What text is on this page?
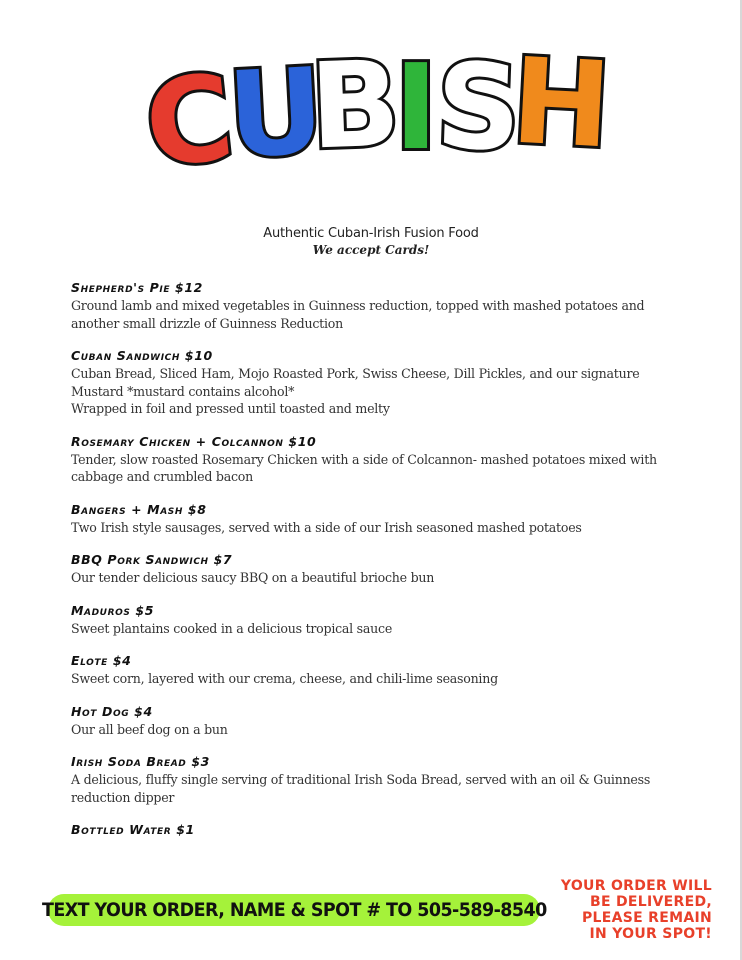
C
U
B
I
S
H
Authentic Cuban-Irish Fusion Food
We accept Cards!
Shepherd's Pie $12
Ground lamb and mixed vegetables in Guinness reduction, topped with mashed potatoes and
another small drizzle of Guinness Reduction
Cuban Sandwich $10
Cuban Bread, Sliced Ham, Mojo Roasted Pork, Swiss Cheese, Dill Pickles, and our signature
Mustard *mustard contains alcohol*
Wrapped in foil and pressed until toasted and melty
Rosemary Chicken + Colcannon $10
Tender, slow roasted Rosemary Chicken with a side of Colcannon- mashed potatoes mixed with
cabbage and crumbled bacon
Bangers + Mash $8
Two Irish style sausages, served with a side of our Irish seasoned mashed potatoes
BBQ Pork Sandwich $7
Our tender delicious saucy BBQ on a beautiful brioche bun
Maduros $5
Sweet plantains cooked in a delicious tropical sauce
Elote $4
Sweet corn, layered with our crema, cheese, and chili-lime seasoning
Hot Dog $4
Our all beef dog on a bun
Irish Soda Bread $3
A delicious, fluffy single serving of traditional Irish Soda Bread, served with an oil & Guinness
reduction dipper
Bottled Water $1
TEXT YOUR ORDER, NAME & SPOT # TO 505-589-8540
YOUR ORDER WILL
BE DELIVERED,
PLEASE REMAIN
IN YOUR SPOT!
